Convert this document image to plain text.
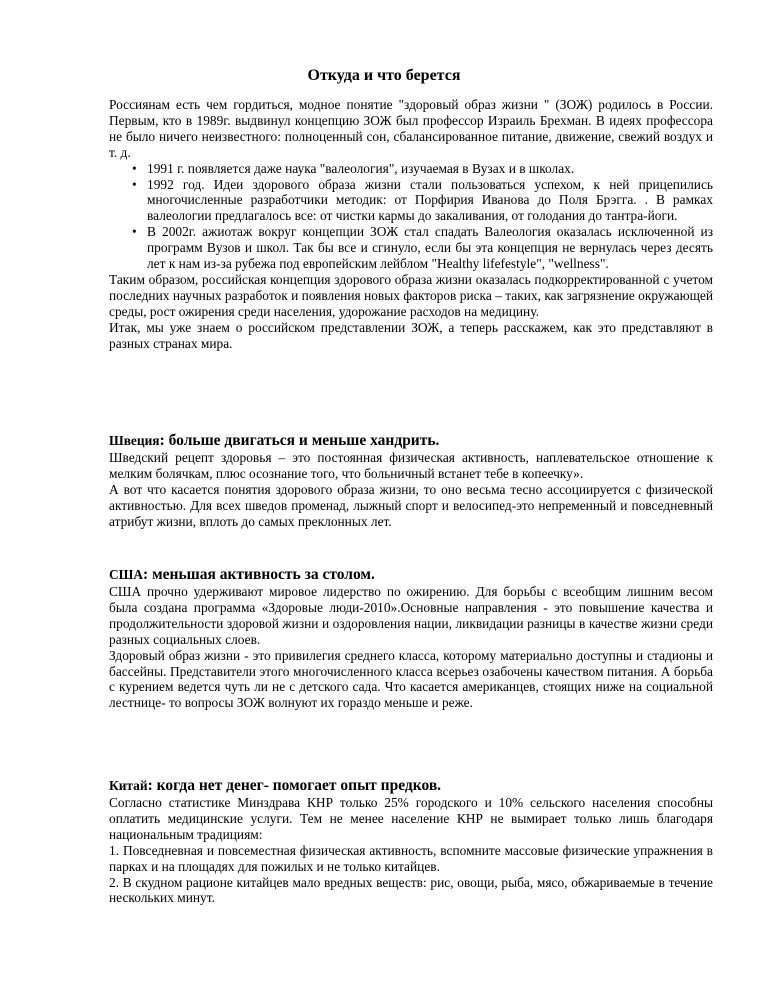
Откуда и что берется

Россиянам есть чем гордиться, модное понятие "здоровый образ жизни " (ЗОЖ) родилось в России. Первым, кто в 1989г. выдвинул концепцию ЗОЖ был профессор Израиль Брехман. В идеях профессора не было ничего неизвестного: полноценный сон, сбалансированное питание, движение, свежий воздух и т. д.

• 1991 г. появляется даже наука "валеология", изучаемая в Вузах и в школах.
• 1992 год. Идеи здорового образа жизни стали пользоваться успехом, к ней прицепились многочисленные разработчики методик: от Порфирия Иванова до Поля Брэгга. . В рамках валеологии предлагалось все: от чистки кармы до закаливания, от голодания до тантра-йоги.
• В 2002г. ажиотаж вокруг концепции ЗОЖ стал спадать Валеология оказалась исключенной из программ Вузов и школ. Так бы все и сгинуло, если бы эта концепция не вернулась через десять лет к нам из-за рубежа под европейским лейблом "Healthy lifefestyle", "wellness".

Таким образом, российская концепция здорового образа жизни оказалась подкорректированной с учетом последних научных разработок и появления новых факторов риска – таких, как загрязнение окружающей среды, рост ожирения среди населения, удорожание расходов на медицину.

Итак, мы уже знаем о российском представлении ЗОЖ, а теперь расскажем, как это представляют в разных странах мира.

Швеция: больше двигаться и меньше хандрить.

Шведский рецепт здоровья – это постоянная физическая активность, наплевательское отношение к мелким болячкам, плюс осознание того, что больничный встанет тебе в копеечку».

А вот что касается понятия здорового образа жизни, то оно весьма тесно ассоциируется с физической активностью. Для всех шведов променад, лыжный спорт и велосипед-это непременный и повседневный атрибут жизни, вплоть до самых преклонных лет.

США: меньшая активность за столом.

США прочно удерживают мировое лидерство по ожирению. Для борьбы с всеобщим лишним весом была создана программа «Здоровые люди-2010».Основные направления - это повышение качества и продолжительности здоровой жизни и оздоровления нации, ликвидации разницы в качестве жизни среди разных социальных слоев.

Здоровый образ жизни - это привилегия среднего класса, которому материально доступны и стадионы и бассейны. Представители этого многочисленного класса всерьез озабочены качеством питания. А борьба с курением ведется чуть ли не с детского сада. Что касается американцев, стоящих ниже на социальной лестнице- то вопросы ЗОЖ волнуют их гораздо меньше и реже.

Китай: когда нет денег- помогает опыт предков.

Согласно статистике Минздрава КНР только 25% городского и 10% сельского населения способны оплатить медицинские услуги. Тем не менее население КНР не вымирает только лишь благодаря национальным традициям:

1. Повседневная и повсеместная физическая активность, вспомните массовые физические упражнения в парках и на площадях для пожилых и не только китайцев.

2. В скудном рационе китайцев мало вредных веществ: рис, овощи, рыба, мясо, обжариваемые в течение нескольких минут.
